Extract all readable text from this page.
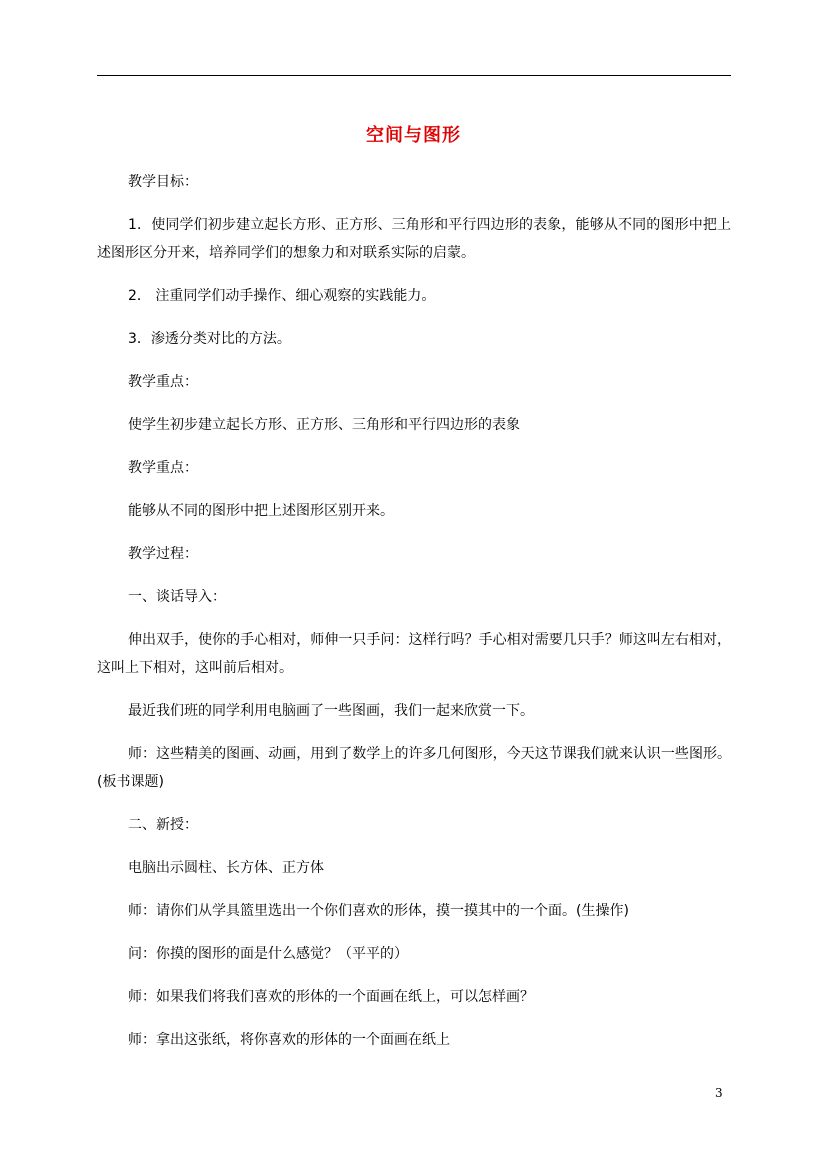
空间与图形

教学目标：

1．使同学们初步建立起长方形、正方形、三角形和平行四边形的表象，能够从不同的图形中把上述图形区分开来，培养同学们的想象力和对联系实际的启蒙。

2． 注重同学们动手操作、细心观察的实践能力。

3．渗透分类对比的方法。

教学重点：

使学生初步建立起长方形、正方形、三角形和平行四边形的表象

教学重点：

能够从不同的图形中把上述图形区别开来。

教学过程：

一、谈话导入：

伸出双手，使你的手心相对，师伸一只手问：这样行吗？手心相对需要几只手？师这叫左右相对，这叫上下相对，这叫前后相对。

最近我们班的同学利用电脑画了一些图画，我们一起来欣赏一下。

师：这些精美的图画、动画，用到了数学上的许多几何图形，今天这节课我们就来认识一些图形。(板书课题)

二、新授：

电脑出示圆柱、长方体、正方体

师：请你们从学具篮里选出一个你们喜欢的形体，摸一摸其中的一个面。(生操作)

问：你摸的图形的面是什么感觉？（平平的）

师：如果我们将我们喜欢的形体的一个面画在纸上，可以怎样画？

师：拿出这张纸，将你喜欢的形体的一个面画在纸上

3
